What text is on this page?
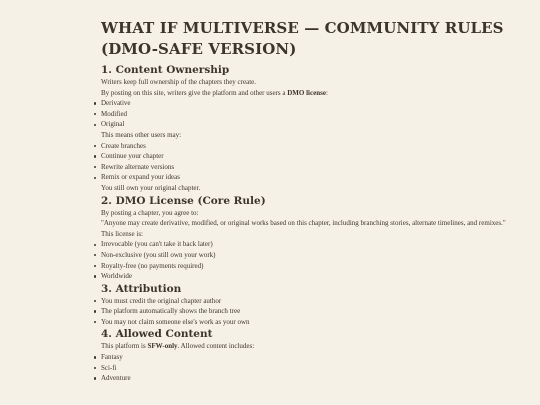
WHAT IF MULTIVERSE — COMMUNITY RULES (DMO-SAFE VERSION)
1. Content Ownership

Writers keep full ownership of the chapters they create.

By posting on this site, writers give the platform and other users a DMO license:

Derivative
Modified
Original

This means other users may:

Create branches
Continue your chapter
Rewrite alternate versions
Remix or expand your ideas

You still own your original chapter.

2. DMO License (Core Rule)

By posting a chapter, you agree to:

"Anyone may create derivative, modified, or original works based on this chapter, including branching stories, alternate timelines, and remixes."

This license is:

Irrevocable (you can't take it back later)
Non-exclusive (you still own your work)
Royalty-free (no payments required)
Worldwide
3. Attribution
You must credit the original chapter author
The platform automatically shows the branch tree
You may not claim someone else's work as your own
4. Allowed Content

This platform is SFW-only. Allowed content includes:

Fantasy
Sci-fi
Adventure
